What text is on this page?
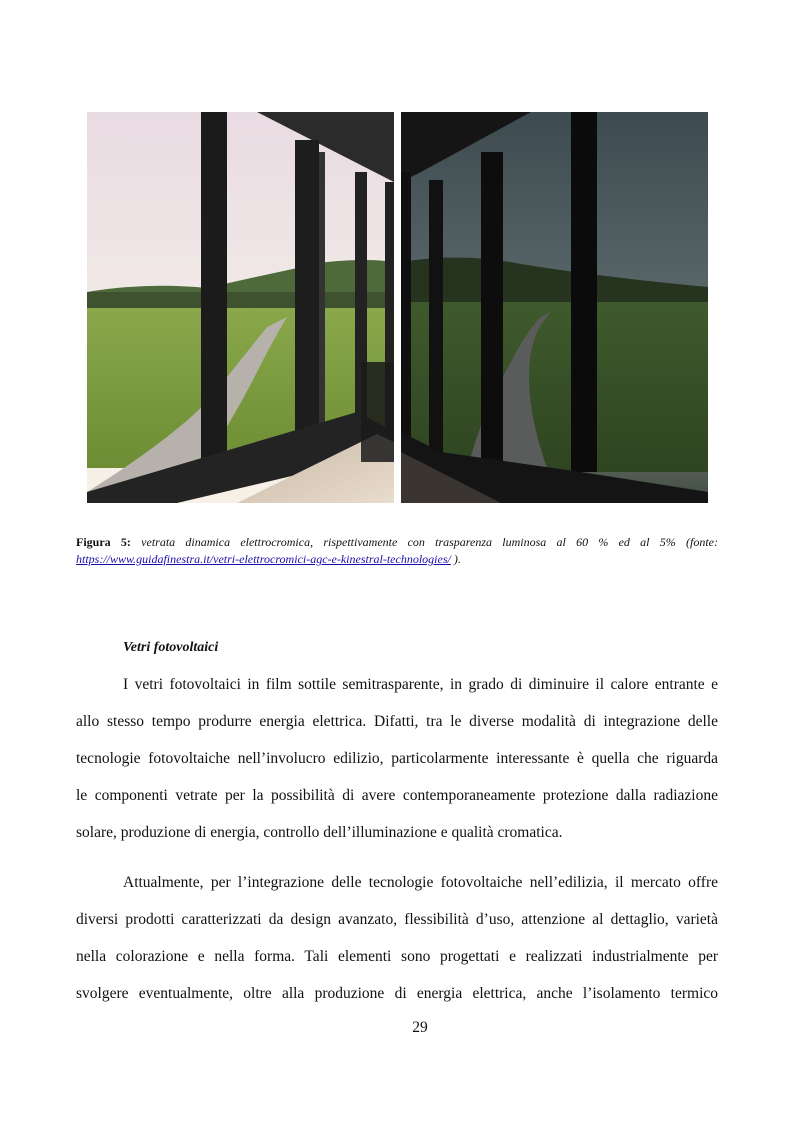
Figura 5: vetrata dinamica elettrocromica, rispettivamente con trasparenza luminosa al 60 % ed al 5% (fonte: https://www.guidafinestra.it/vetri-elettrocromici-agc-e-kinestral-technologies/ ).
Vetri fotovoltaici
I vetri fotovoltaici in film sottile semitrasparente, in grado di diminuire il calore entrante e
allo stesso tempo produrre energia elettrica. Difatti, tra le diverse modalità di integrazione delle
tecnologie fotovoltaiche nell’involucro edilizio, particolarmente interessante è quella che riguarda
le componenti vetrate per la possibilità di avere contemporaneamente protezione dalla radiazione
solare, produzione di energia, controllo dell’illuminazione e qualità cromatica.
Attualmente, per l’integrazione delle tecnologie fotovoltaiche nell’edilizia, il mercato offre
diversi prodotti caratterizzati da design avanzato, flessibilità d’uso, attenzione al dettaglio, varietà
nella colorazione e nella forma. Tali elementi sono progettati e realizzati industrialmente per
svolgere eventualmente, oltre alla produzione di energia elettrica, anche l’isolamento termico
29
